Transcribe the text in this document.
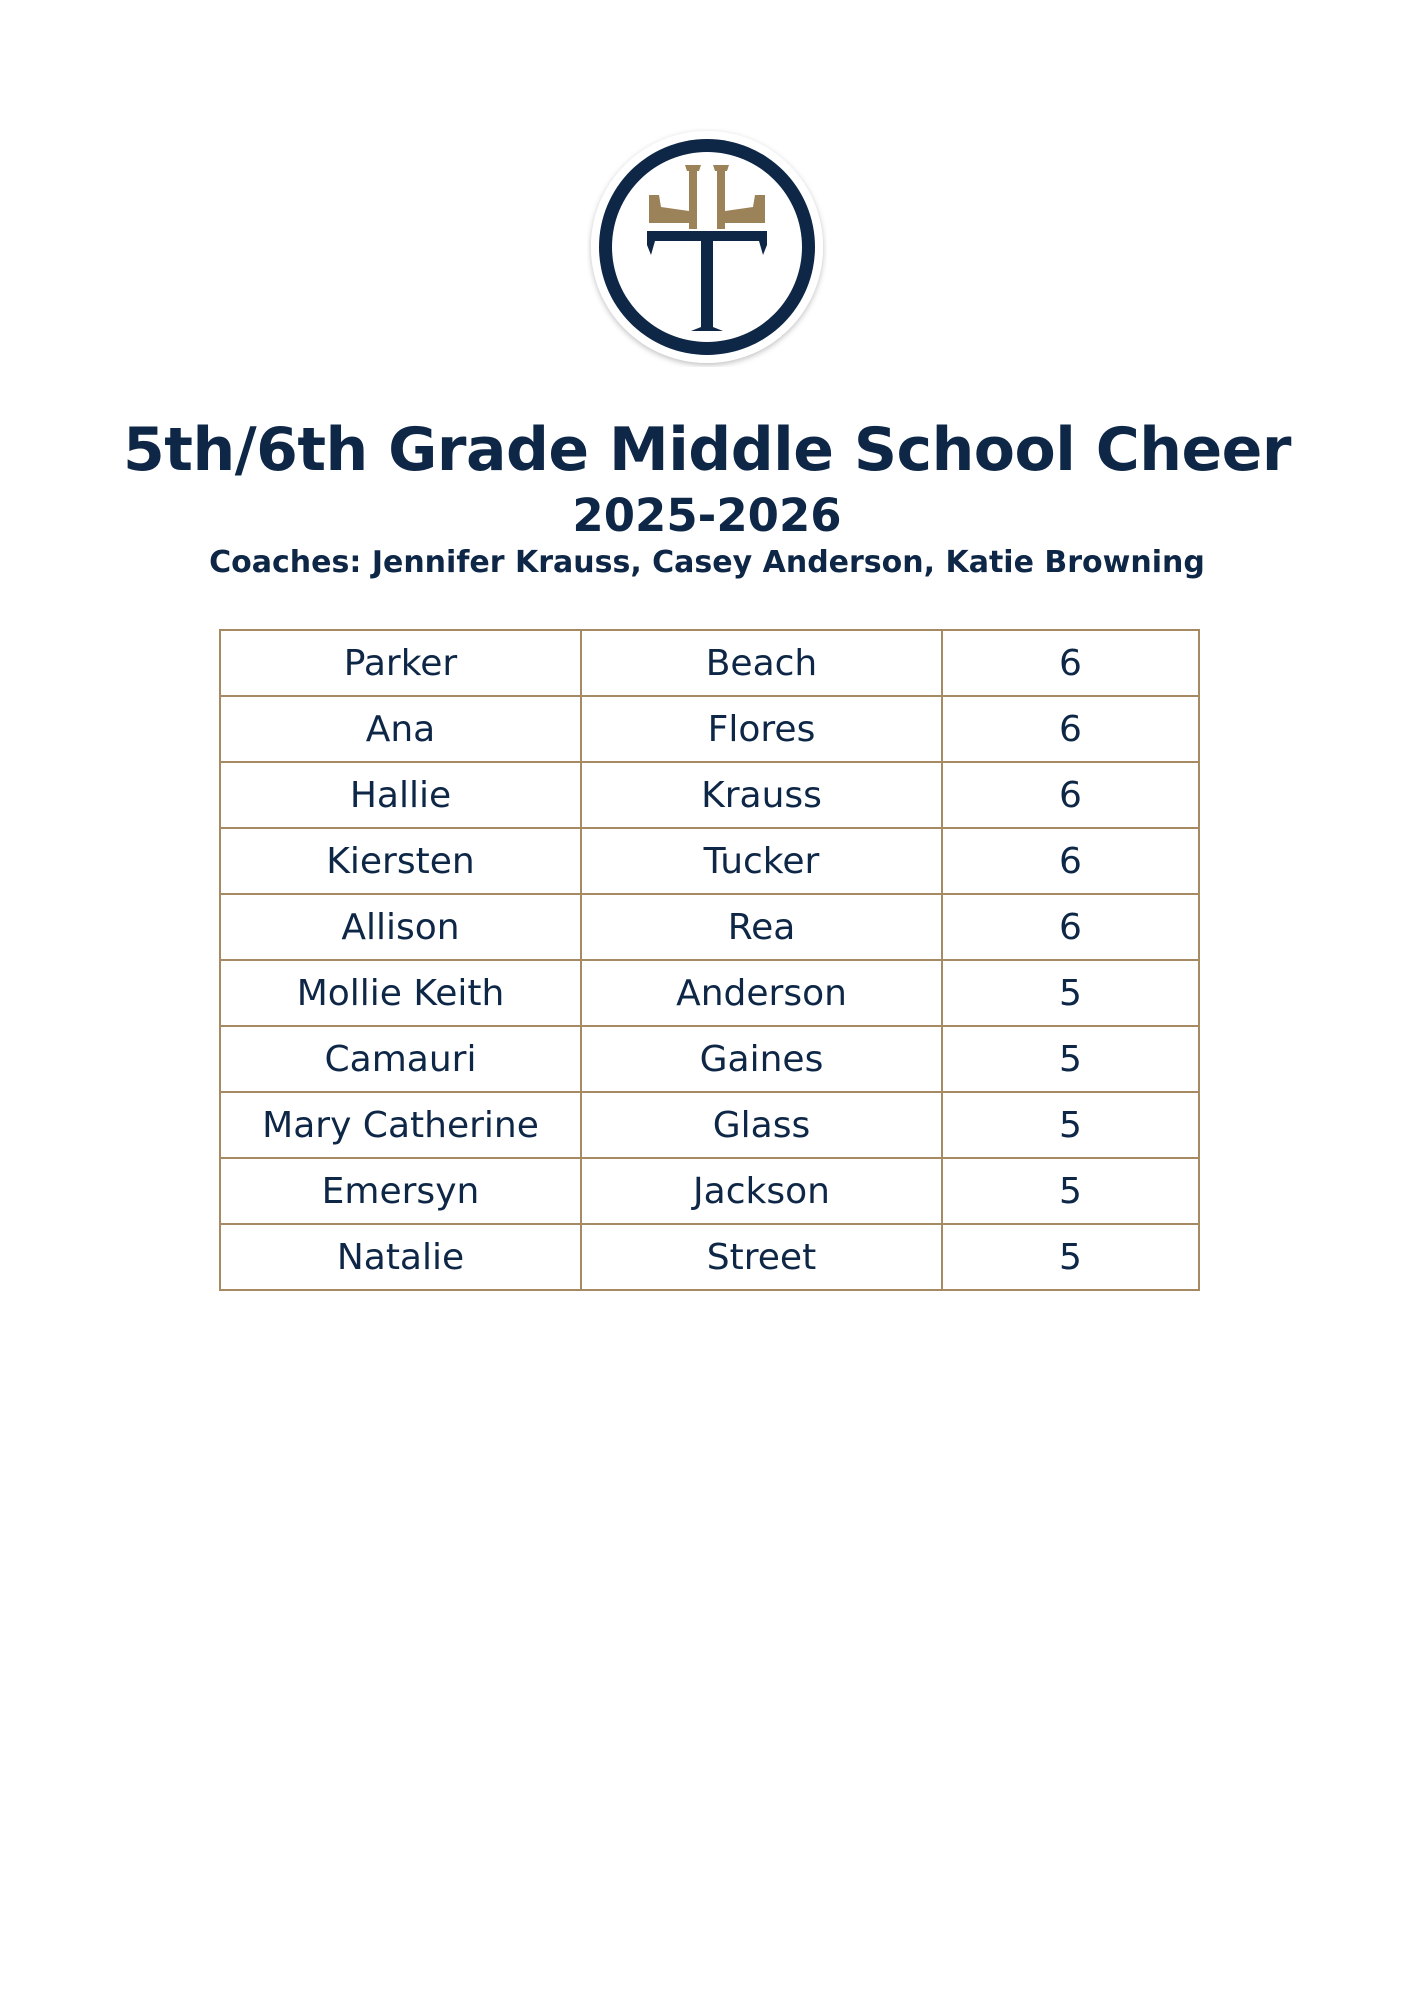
5th/6th Grade Middle School Cheer
2025-2026

Coaches: Jennifer Krauss, Casey Anderson, Katie Browning

Parker	Beach	6
Ana	Flores	6
Hallie	Krauss	6
Kiersten	Tucker	6
Allison	Rea	6
Mollie Keith	Anderson	5
Camauri	Gaines	5
Mary Catherine	Glass	5
Emersyn	Jackson	5
Natalie	Street	5
